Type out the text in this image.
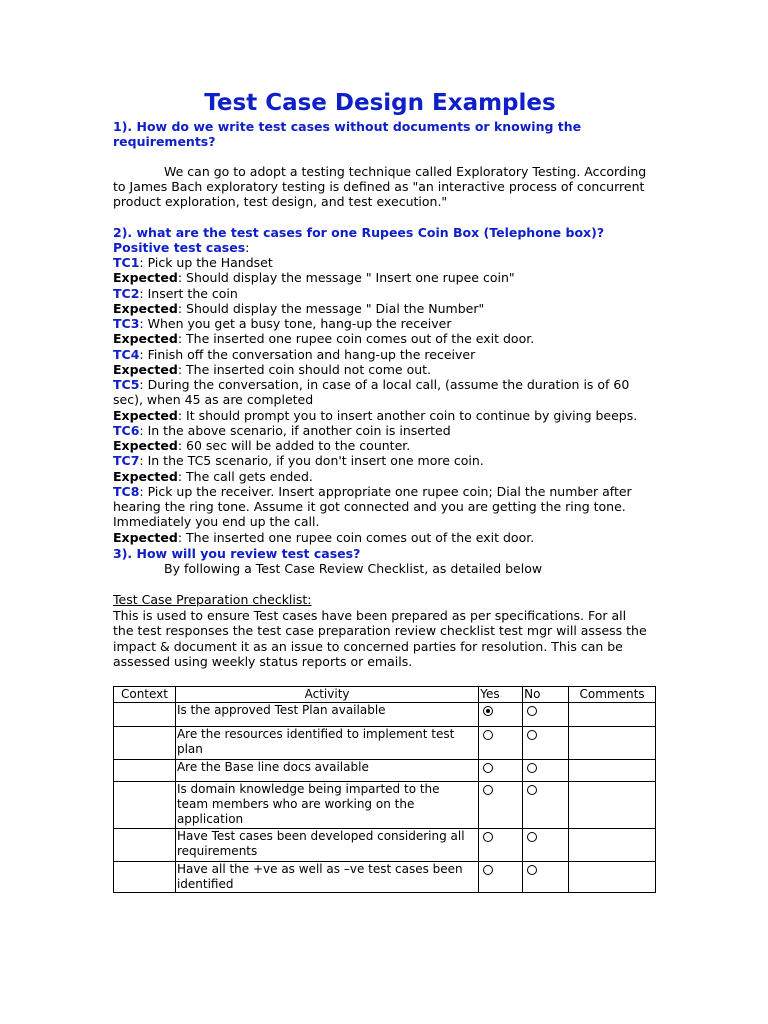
Test Case Design Examples
1). How do we write test cases without documents or knowing the
requirements?
We can go to adopt a testing technique called Exploratory Testing. According
to James Bach exploratory testing is defined as "an interactive process of concurrent
product exploration, test design, and test execution."
2). what are the test cases for one Rupees Coin Box (Telephone box)?
Positive test cases:
TC1: Pick up the Handset
Expected: Should display the message " Insert one rupee coin"
TC2: Insert the coin
Expected: Should display the message " Dial the Number"
TC3: When you get a busy tone, hang-up the receiver
Expected: The inserted one rupee coin comes out of the exit door.
TC4: Finish off the conversation and hang-up the receiver
Expected: The inserted coin should not come out.
TC5: During the conversation, in case of a local call, (assume the duration is of 60
sec), when 45 as are completed
Expected: It should prompt you to insert another coin to continue by giving beeps.
TC6: In the above scenario, if another coin is inserted
Expected: 60 sec will be added to the counter.
TC7: In the TC5 scenario, if you don't insert one more coin.
Expected: The call gets ended.
TC8: Pick up the receiver. Insert appropriate one rupee coin; Dial the number after
hearing the ring tone. Assume it got connected and you are getting the ring tone.
Immediately you end up the call.
Expected: The inserted one rupee coin comes out of the exit door.
3). How will you review test cases?
By following a Test Case Review Checklist, as detailed below
Test Case Preparation checklist:
This is used to ensure Test cases have been prepared as per specifications. For all
the test responses the test case preparation review checklist test mgr will assess the
impact & document it as an issue to concerned parties for resolution. This can be
assessed using weekly status reports or emails.
Context	Activity	Yes	No	Comments

	Is the approved Test Plan available			

	Are the resources identified to implement test
plan			

	Are the Base line docs available			

	Is domain knowledge being imparted to the
team members who are working on the
application			

	Have Test cases been developed considering all
requirements			

	Have all the +ve as well as –ve test cases been
identified			
